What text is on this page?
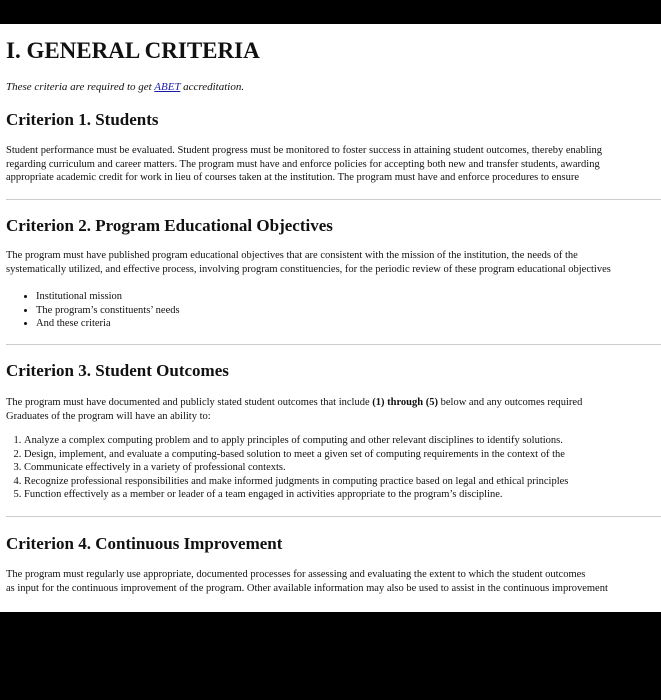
I. GENERAL CRITERIA

These criteria are required to get ABET accreditation.

Criterion 1. Students

Student performance must be evaluated. Student progress must be monitored to foster success in attaining student outcomes, thereby enabling

regarding curriculum and career matters. The program must have and enforce policies for accepting both new and transfer students, awarding

appropriate academic credit for work in lieu of courses taken at the institution. The program must have and enforce procedures to ensure

Criterion 2. Program Educational Objectives

The program must have published program educational objectives that are consistent with the mission of the institution, the needs of the

systematically utilized, and effective process, involving program constituencies, for the periodic review of these program educational objectives

• Institutional mission
• The program’s constituents’ needs
• And these criteria
Criterion 3. Student Outcomes

The program must have documented and publicly stated student outcomes that include (1) through (5) below and any outcomes required

Graduates of the program will have an ability to:

1. Analyze a complex computing problem and to apply principles of computing and other relevant disciplines to identify solutions.
2. Design, implement, and evaluate a computing-based solution to meet a given set of computing requirements in the context of the
3. Communicate effectively in a variety of professional contexts.
4. Recognize professional responsibilities and make informed judgments in computing practice based on legal and ethical principles
5. Function effectively as a member or leader of a team engaged in activities appropriate to the program’s discipline.
Criterion 4. Continuous Improvement

The program must regularly use appropriate, documented processes for assessing and evaluating the extent to which the student outcomes

as input for the continuous improvement of the program. Other available information may also be used to assist in the continuous improvement
